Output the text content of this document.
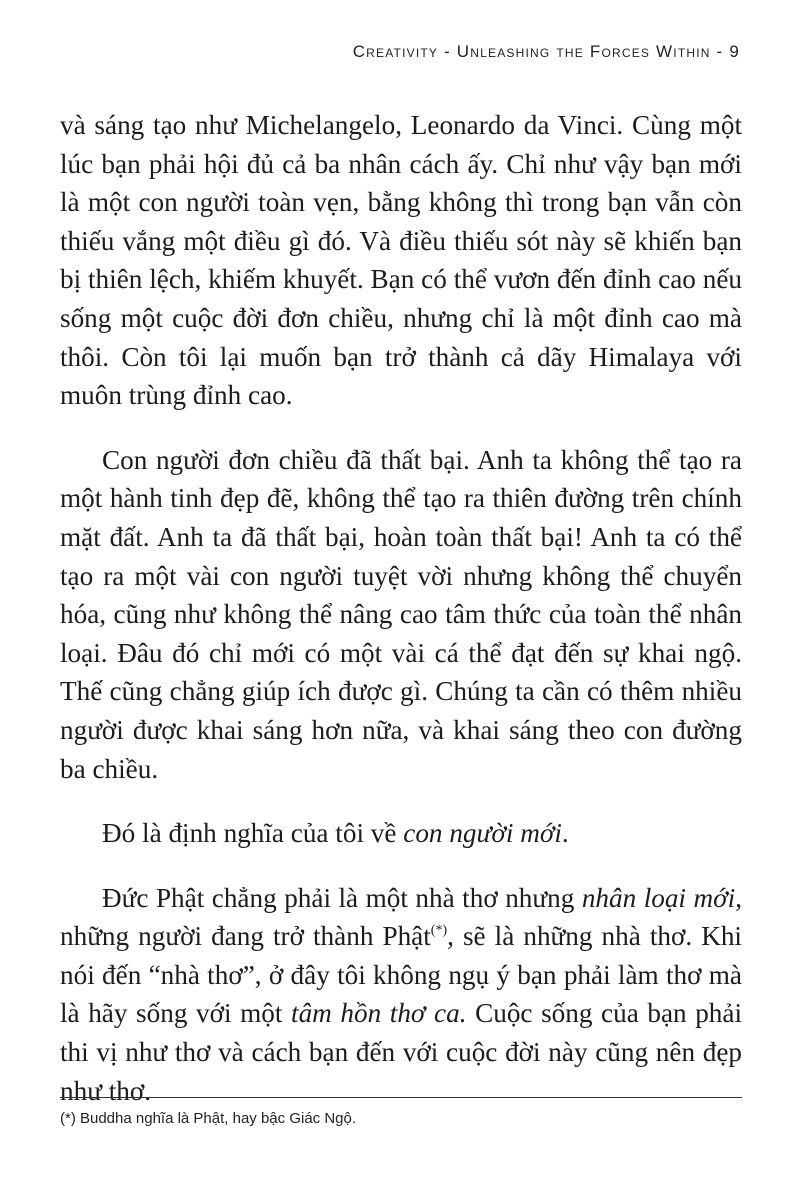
Creativity - Unleashing the Forces Within - 9

và sáng tạo như Michelangelo, Leonardo da Vinci. Cùng một lúc bạn phải hội đủ cả ba nhân cách ấy. Chỉ như vậy bạn mới là một con người toàn vẹn, bằng không thì trong bạn vẫn còn thiếu vắng một điều gì đó. Và điều thiếu sót này sẽ khiến bạn bị thiên lệch, khiếm khuyết. Bạn có thể vươn đến đỉnh cao nếu sống một cuộc đời đơn chiều, nhưng chỉ là một đỉnh cao mà thôi. Còn tôi lại muốn bạn trở thành cả dãy Himalaya với muôn trùng đỉnh cao.

Con người đơn chiều đã thất bại. Anh ta không thể tạo ra một hành tinh đẹp đẽ, không thể tạo ra thiên đường trên chính mặt đất. Anh ta đã thất bại, hoàn toàn thất bại! Anh ta có thể tạo ra một vài con người tuyệt vời nhưng không thể chuyển hóa, cũng như không thể nâng cao tâm thức của toàn thể nhân loại. Đâu đó chỉ mới có một vài cá thể đạt đến sự khai ngộ. Thế cũng chẳng giúp ích được gì. Chúng ta cần có thêm nhiều người được khai sáng hơn nữa, và khai sáng theo con đường ba chiều.

Đó là định nghĩa của tôi về con người mới.

Đức Phật chẳng phải là một nhà thơ nhưng nhân loại mới, những người đang trở thành Phật(*), sẽ là những nhà thơ. Khi nói đến “nhà thơ”, ở đây tôi không ngụ ý bạn phải làm thơ mà là hãy sống với một tâm hồn thơ ca. Cuộc sống của bạn phải thi vị như thơ và cách bạn đến với cuộc đời này cũng nên đẹp như thơ.

(*) Buddha nghĩa là Phật, hay bậc Giác Ngộ.
